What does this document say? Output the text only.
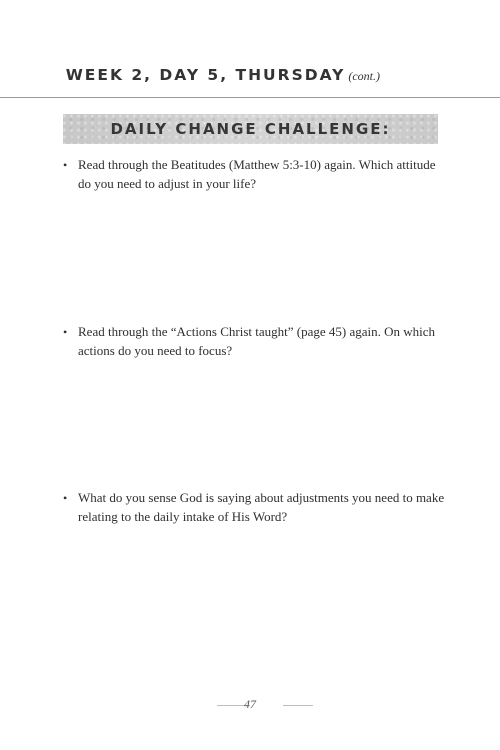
WEEK 2, DAY 5, THURSDAY (cont.)
DAILY CHANGE CHALLENGE:
• Read through the Beatitudes (Matthew 5:3-10) again. Which attitude do you need to adjust in your life?
• Read through the “Actions Christ taught” (page 45) again. On which actions do you need to focus?
• What do you sense God is saying about adjustments you need to make relating to the daily intake of His Word?
47
